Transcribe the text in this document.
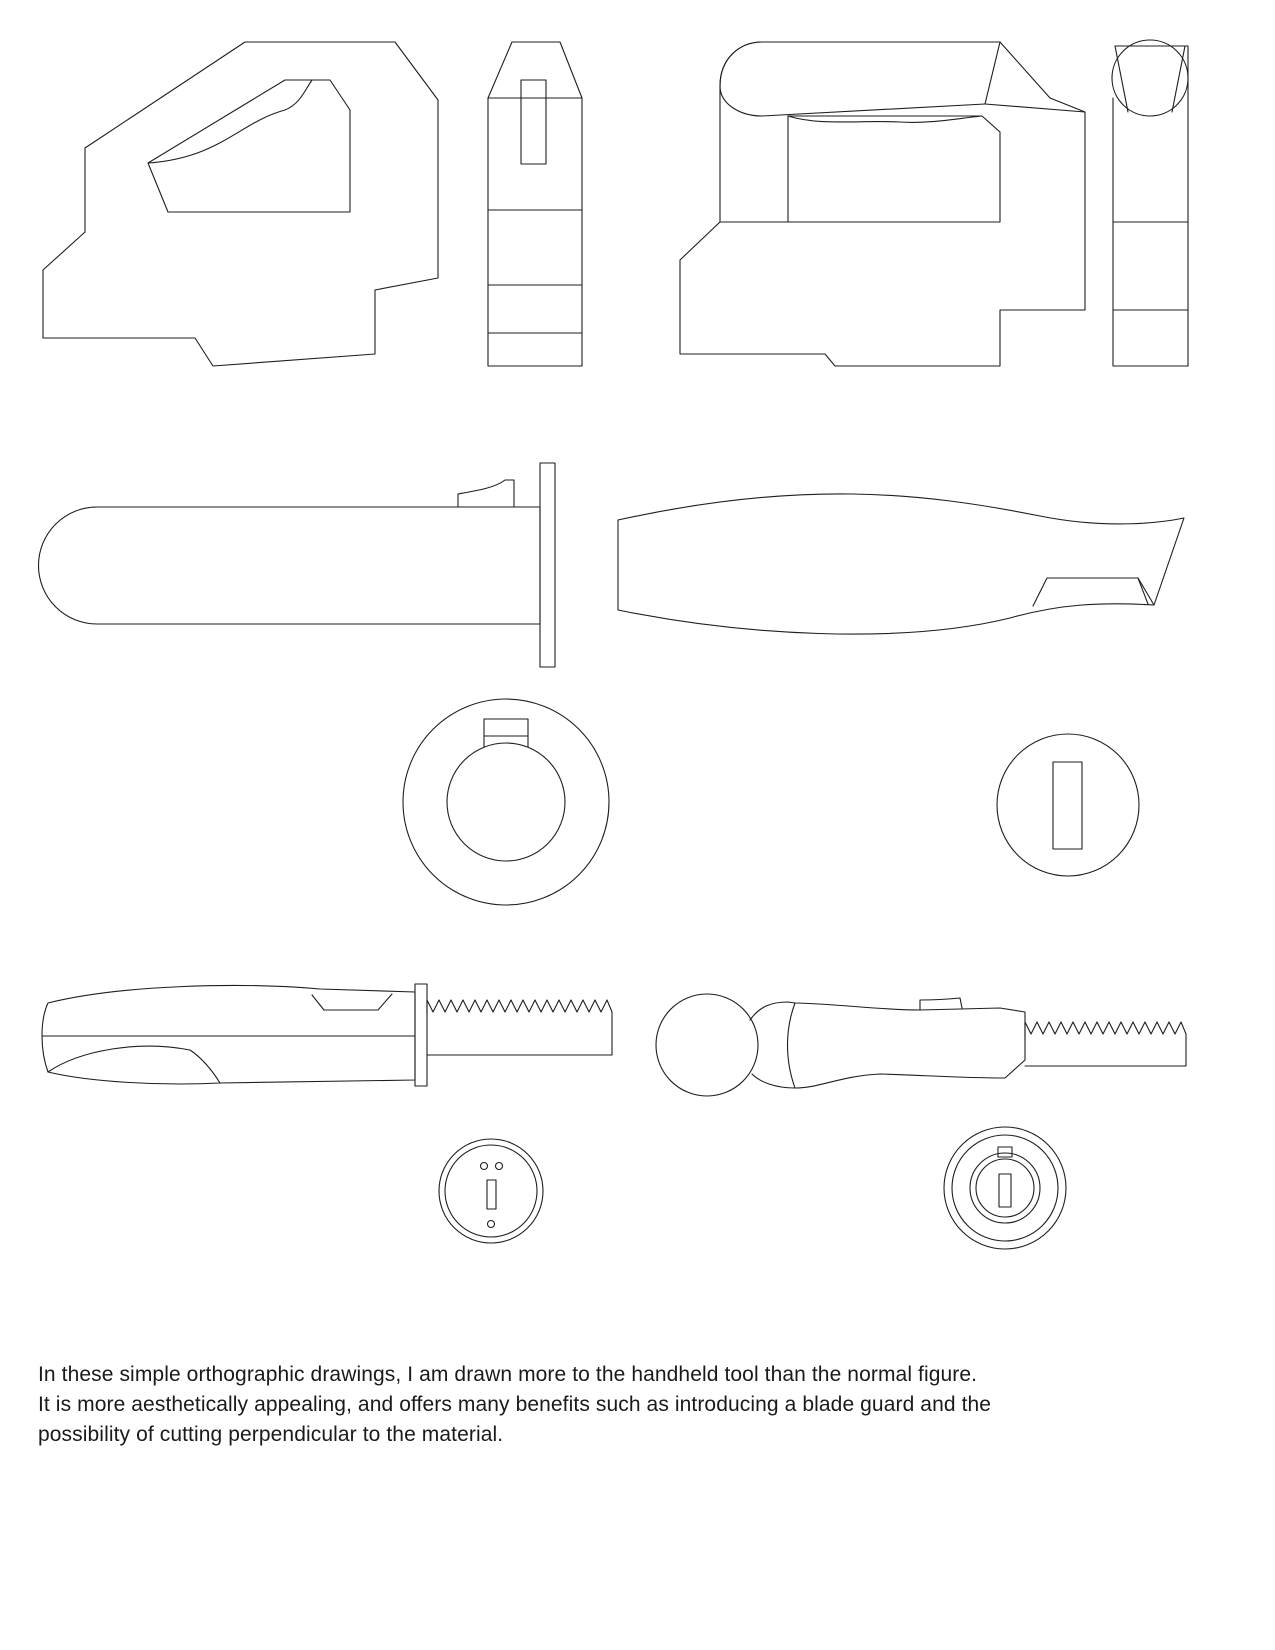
In these simple orthographic drawings, I am drawn more to the handheld tool than the normal figure.

It is more aesthetically appealing, and offers many benefits such as introducing a blade guard and the

possibility of cutting perpendicular to the material.
